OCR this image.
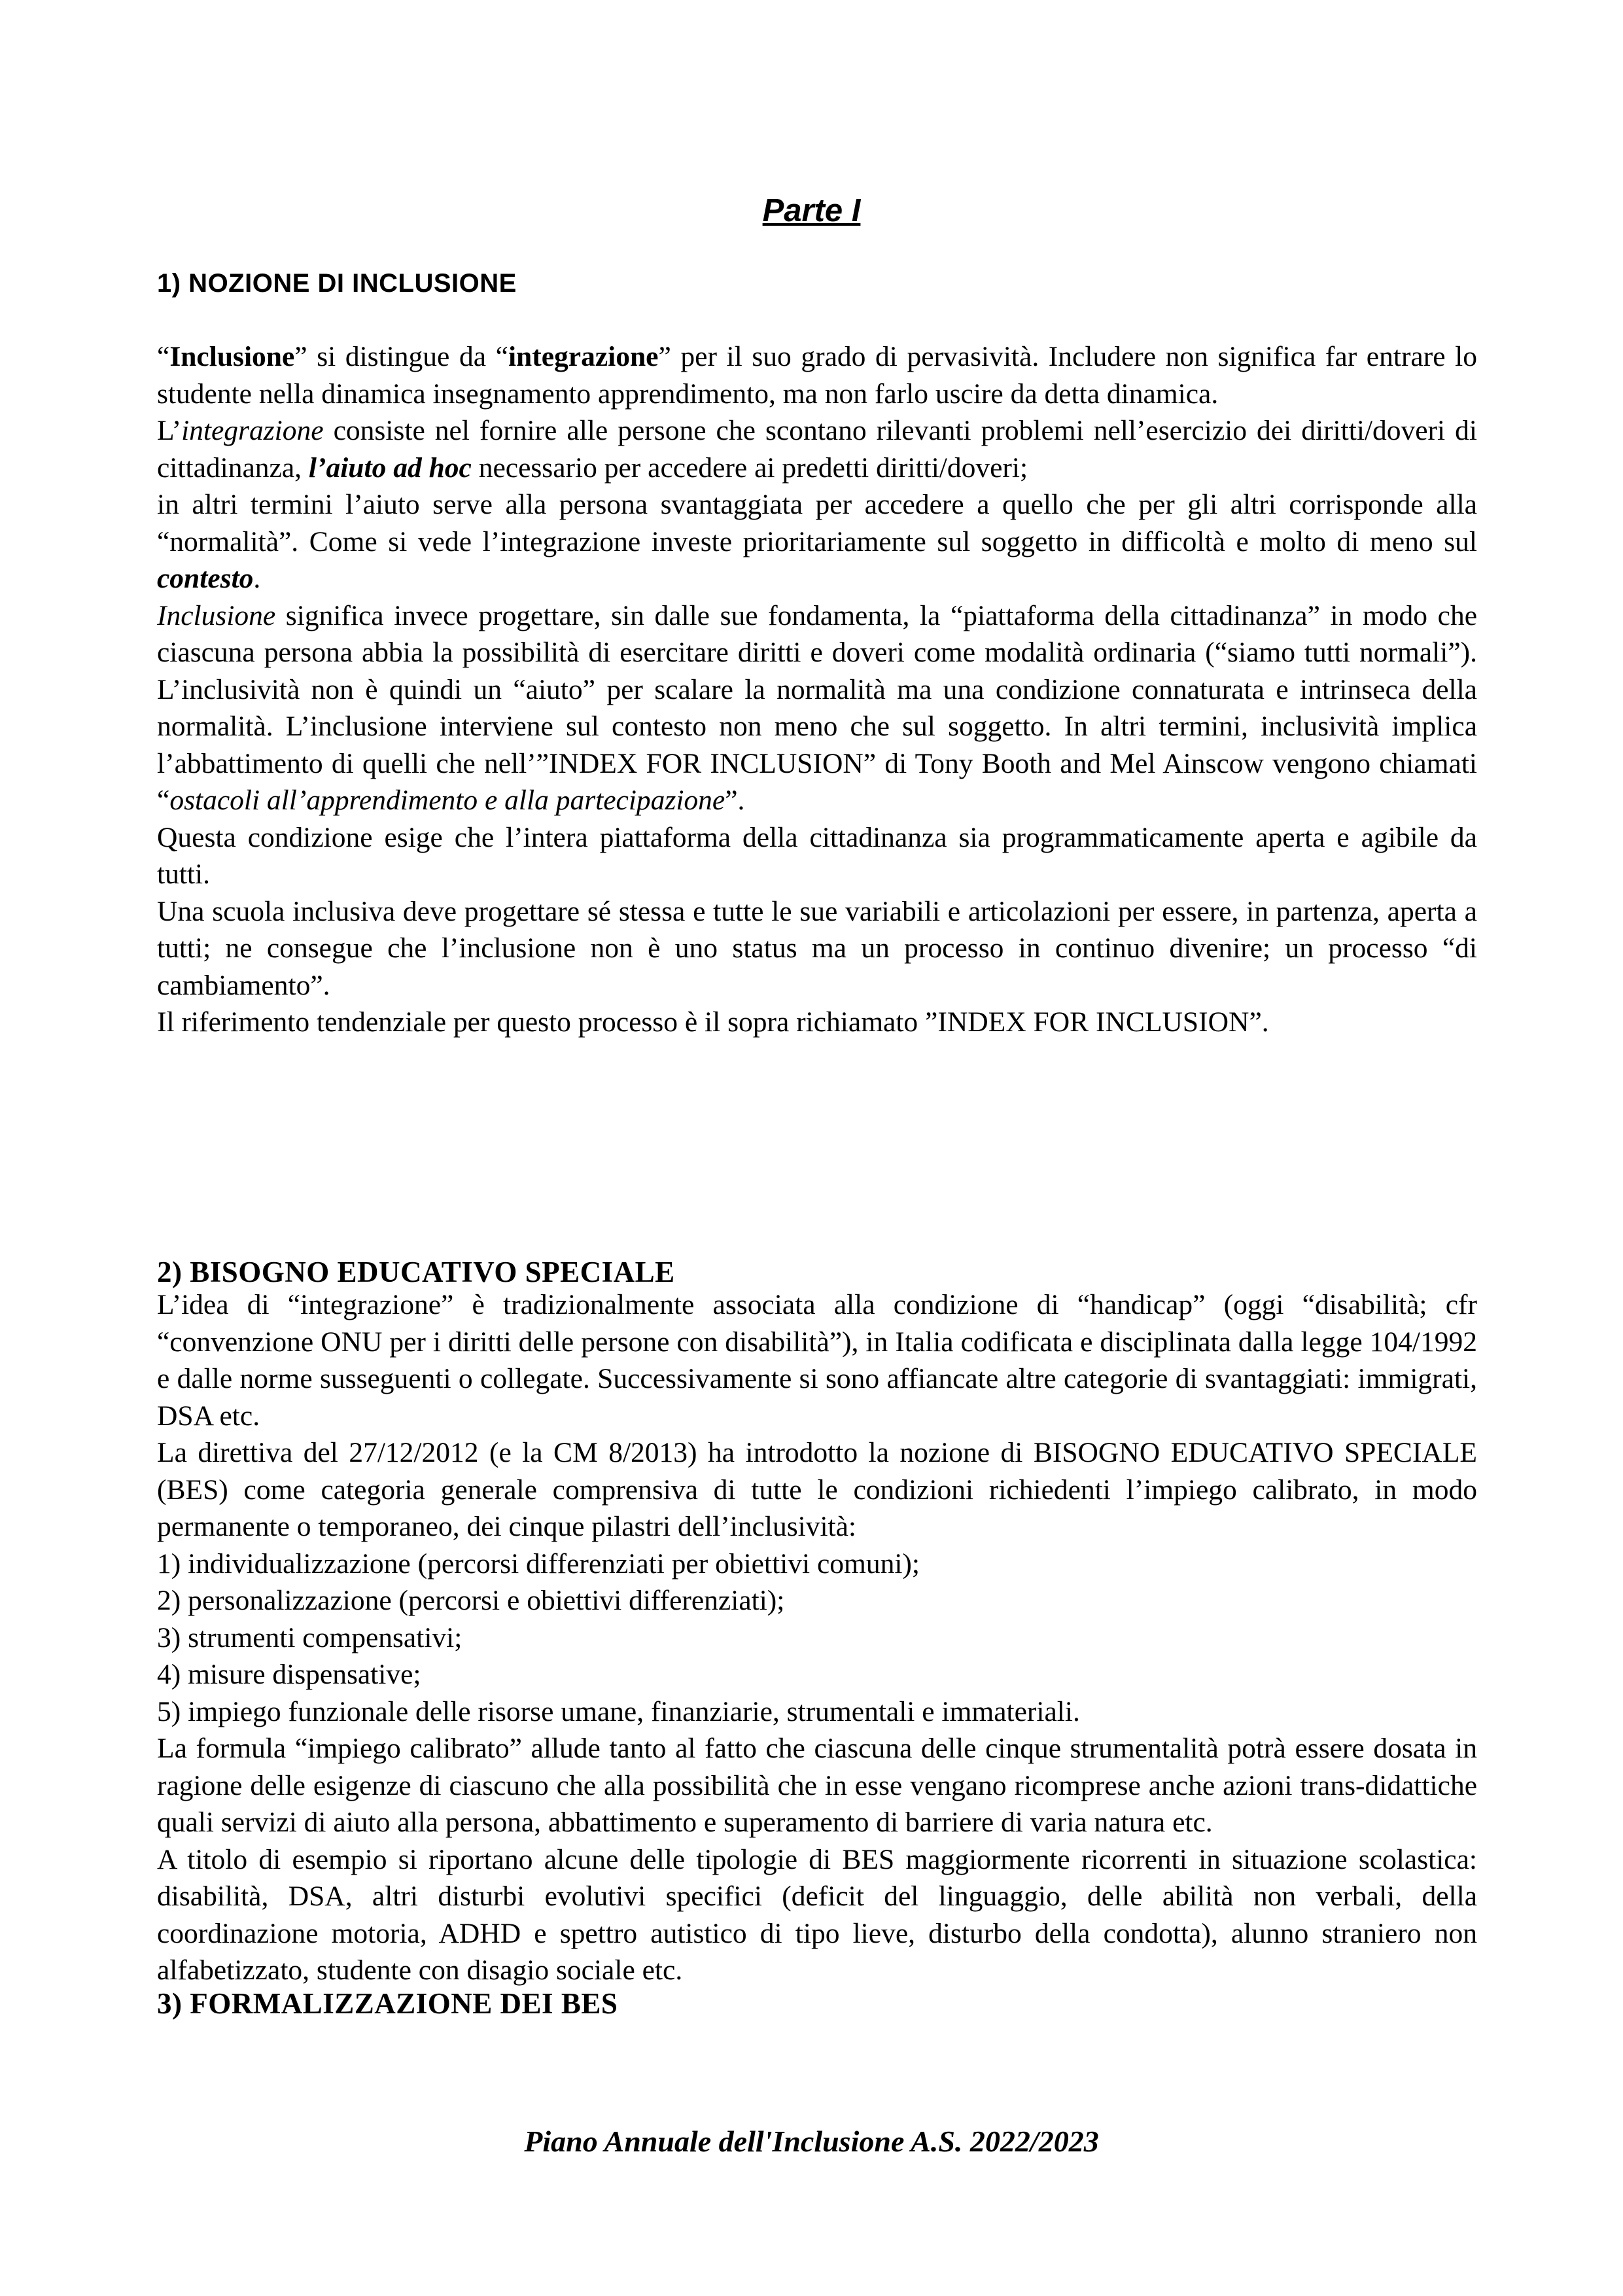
Parte I
1) NOZIONE DI INCLUSIONE

“Inclusione” si distingue da “integrazione” per il suo grado di pervasività. Includere non significa far entrare lo studente nella dinamica insegnamento apprendimento, ma non farlo uscire da detta dinamica.

L’integrazione consiste nel fornire alle persone che scontano rilevanti problemi nell’esercizio dei diritti/doveri di cittadinanza, l’aiuto ad hoc necessario per accedere ai predetti diritti/doveri;

in altri termini l’aiuto serve alla persona svantaggiata per accedere a quello che per gli altri corrisponde alla “normalità”. Come si vede l’integrazione investe prioritariamente sul soggetto in difficoltà e molto di meno sul contesto.

Inclusione significa invece progettare, sin dalle sue fondamenta, la “piattaforma della cittadinanza” in modo che ciascuna persona abbia la possibilità di esercitare diritti e doveri come modalità ordinaria (“siamo tutti normali”). L’inclusività non è quindi un “aiuto” per scalare la normalità ma una condizione connaturata e intrinseca della normalità. L’inclusione interviene sul contesto non meno che sul soggetto. In altri termini, inclusività implica l’abbattimento di quelli che nell’”INDEX FOR INCLUSION” di Tony Booth and Mel Ainscow vengono chiamati “ostacoli all’apprendimento e alla partecipazione”.

Questa condizione esige che l’intera piattaforma della cittadinanza sia programmaticamente aperta e agibile da tutti.

Una scuola inclusiva deve progettare sé stessa e tutte le sue variabili e articolazioni per essere, in partenza, aperta a tutti; ne consegue che l’inclusione non è uno status ma un processo in continuo divenire; un processo “di cambiamento”.

Il riferimento tendenziale per questo processo è il sopra richiamato ”INDEX FOR INCLUSION”.

2) BISOGNO EDUCATIVO SPECIALE

L’idea di “integrazione” è tradizionalmente associata alla condizione di “handicap” (oggi “disabilità; cfr “convenzione ONU per i diritti delle persone con disabilità”), in Italia codificata e disciplinata dalla legge 104/1992 e dalle norme susseguenti o collegate. Successivamente si sono affiancate altre categorie di svantaggiati: immigrati, DSA etc.

La direttiva del 27/12/2012 (e la CM 8/2013) ha introdotto la nozione di BISOGNO EDUCATIVO SPECIALE (BES) come categoria generale comprensiva di tutte le condizioni richiedenti l’impiego calibrato, in modo permanente o temporaneo, dei cinque pilastri dell’inclusività:

1) individualizzazione (percorsi differenziati per obiettivi comuni);

2) personalizzazione (percorsi e obiettivi differenziati);

3) strumenti compensativi;

4) misure dispensative;

5) impiego funzionale delle risorse umane, finanziarie, strumentali e immateriali.

La formula “impiego calibrato” allude tanto al fatto che ciascuna delle cinque strumentalità potrà essere dosata in ragione delle esigenze di ciascuno che alla possibilità che in esse vengano ricomprese anche azioni trans-didattiche quali servizi di aiuto alla persona, abbattimento e superamento di barriere di varia natura etc.

A titolo di esempio si riportano alcune delle tipologie di BES maggiormente ricorrenti in situazione scolastica: disabilità, DSA, altri disturbi evolutivi specifici (deficit del linguaggio, delle abilità non verbali, della coordinazione motoria, ADHD e spettro autistico di tipo lieve, disturbo della condotta), alunno straniero non alfabetizzato, studente con disagio sociale etc.

3) FORMALIZZAZIONE DEI BES
Piano Annuale dell'Inclusione A.S. 2022/2023
